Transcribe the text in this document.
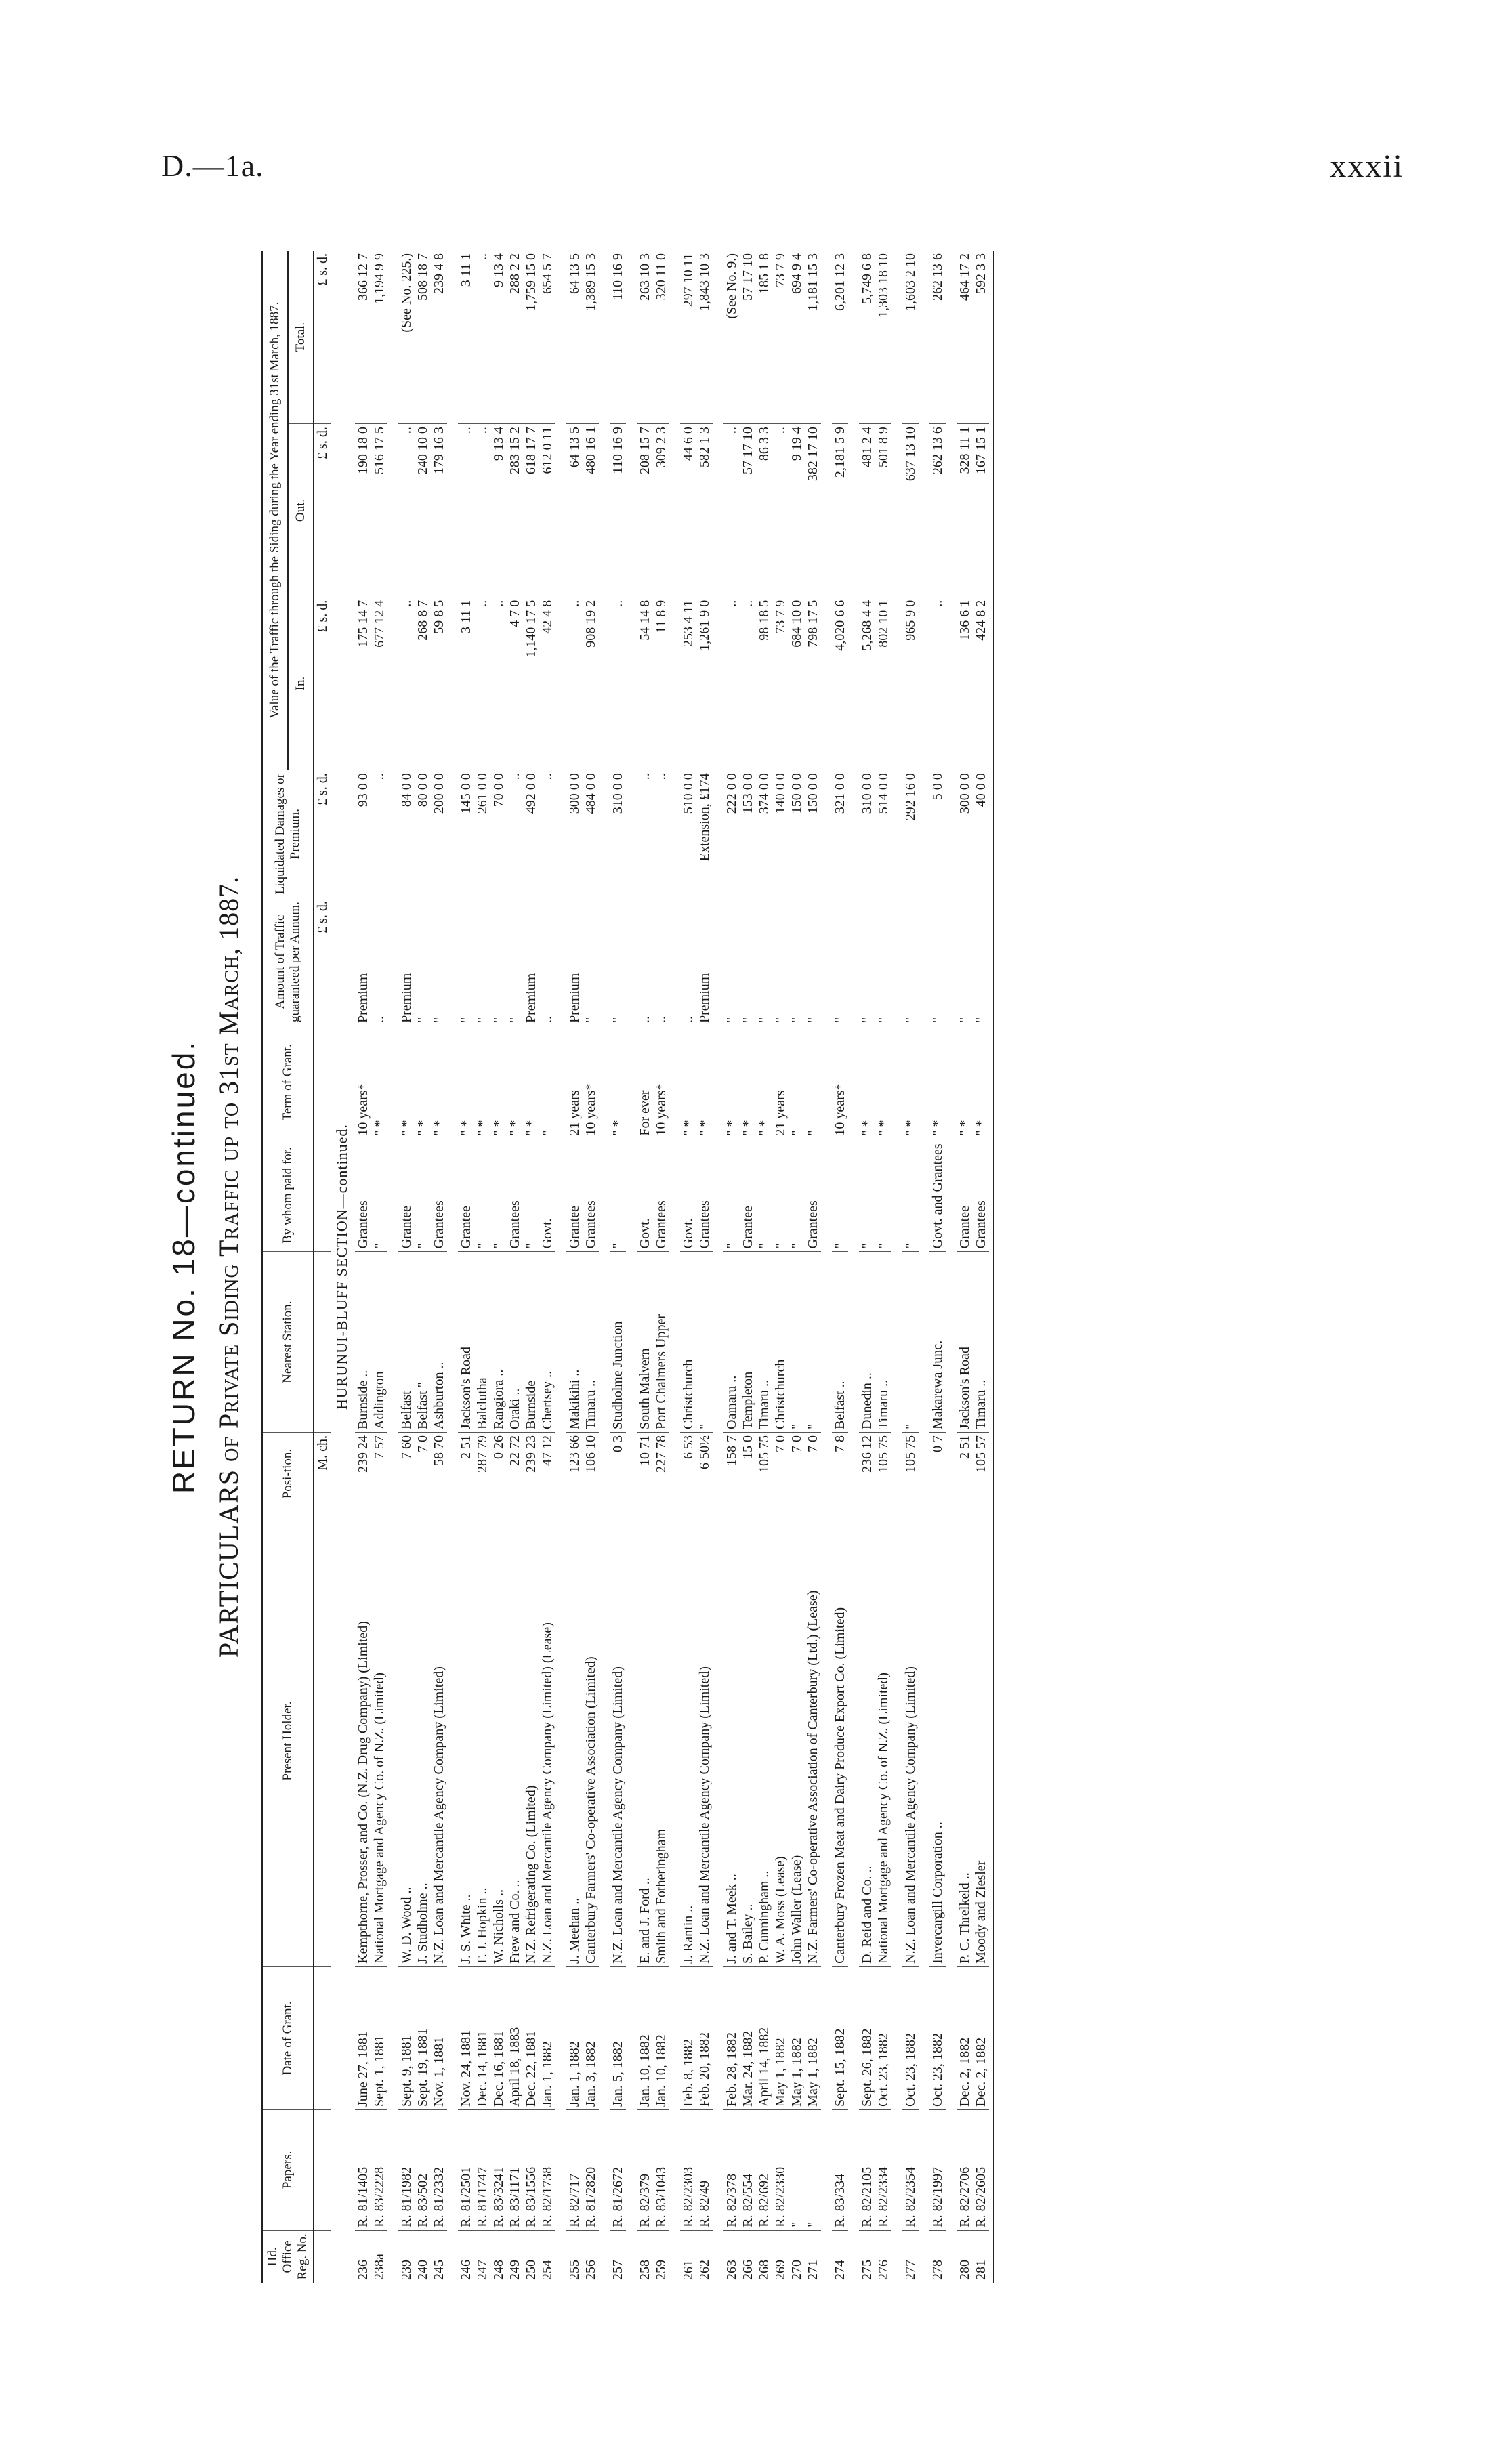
D.—1a.	xxxii
RETURN No. 18—continued. PARTICULARS of Private Siding Traffic up to 31st March, 1887.
Hd. Office Reg. No.	Papers.	Date of Grant.	Present Holder.	Posi-tion.	Nearest Station.	By whom paid for.	Term of Grant.	Amount of Traffic guaranteed per Annum.	Liquidated Damages or Premium.	Value of the Traffic through the Siding during the Year ending 31st March, 1887.		
										In.	Out.	Total.
				M. ch.				£ s. d.	£ s. d.	£ s. d.	£ s. d.	£ s. d.
HURUNUI-BLUFF SECTION—continued.												
236	R. 81/1405	June 27, 1881	Kempthorne, Prosser, and Co. (N.Z. Drug Company) (Limited)	239 24	Burnside ..	Grantees	10 years*	Premium	93 0 0	175 14 7	190 18 0	366 12 7
238a	R. 83/2228	Sept. 1, 1881	National Mortgage and Agency Co. of N.Z. (Limited)	7 57	Addington	"	" *	..	..	677 12 4	516 17 5	1,194 9 9

239	R. 81/1982	Sept. 9, 1881	W. D. Wood ..	7 60	Belfast	Grantee	" *	Premium	84 0 0	..	..	(See No. 225.)
240	R. 83/502	Sept. 19, 1881	J. Studholme ..	7 0	Belfast "	"	" *	"	80 0 0	268 8 7	240 10 0	508 18 7
245	R. 81/2332	Nov. 1, 1881	N.Z. Loan and Mercantile Agency Company (Limited)	58 70	Ashburton ..	Grantees	" *	"	200 0 0	59 8 5	179 16 3	239 4 8

246	R. 81/2501	Nov. 24, 1881	J. S. White ..	2 51	Jackson's Road	Grantee	" *	"	145 0 0	3 11 1	..	3 11 1
247	R. 81/1747	Dec. 14, 1881	F. J. Hopkin ..	287 79	Balclutha	"	" *	"	261 0 0	..	..	..
248	R. 83/3241	Dec. 16, 1881	W. Nicholls ..	0 26	Rangiora ..	"	" *	"	70 0 0	..	9 13 4	9 13 4
249	R. 83/1171	April 18, 1883	Frew and Co. ..	22 72	Oraki ..	Grantees	" *	"	..	4 7 0	283 15 2	288 2 2
250	R. 83/1556	Dec. 22, 1881	N.Z. Refrigerating Co. (Limited)	239 23	Burnside	"	" *	Premium	492 0 0	1,140 17 5	618 17 7	1,759 15 0
254	R. 82/1738	Jan. 1, 1882	N.Z. Loan and Mercantile Agency Company (Limited) (Lease)	47 12	Chertsey ..	Govt.	"	..	..	42 4 8	612 0 11	654 5 7

255	R. 82/717	Jan. 1, 1882	J. Meehan ..	123 66	Makikihi ..	Grantee	21 years	Premium	300 0 0	..	64 13 5	64 13 5
256	R. 81/2820	Jan. 3, 1882	Canterbury Farmers' Co-operative Association (Limited)	106 10	Timaru ..	Grantees	10 years*	"	484 0 0	908 19 2	480 16 1	1,389 15 3

257	R. 81/2672	Jan. 5, 1882	N.Z. Loan and Mercantile Agency Company (Limited)	0 3	Studholme Junction	"	" *	"	310 0 0	..	110 16 9	110 16 9

258	R. 82/379	Jan. 10, 1882	E. and J. Ford ..	10 71	South Malvern	Govt.	For ever	..	..	54 14 8	208 15 7	263 10 3
259	R. 83/1043	Jan. 10, 1882	Smith and Fotheringham	227 78	Port Chalmers Upper	Grantees	10 years*	..	..	11 8 9	309 2 3	320 11 0

261	R. 82/2303	Feb. 8, 1882	J. Rantin ..	6 53	Christchurch	Govt.	" *	..	510 0 0	253 4 11	44 6 0	297 10 11
262	R. 82/49	Feb. 20, 1882	N.Z. Loan and Mercantile Agency Company (Limited)	6 50½	"	Grantees	" *	Premium	Extension, £174	1,261 9 0	582 1 3	1,843 10 3

263	R. 82/378	Feb. 28, 1882	J. and T. Meek ..	158 7	Oamaru ..	"	" *	"	222 0 0	..	..	(See No. 9.)
266	R. 82/554	Mar. 24, 1882	S. Bailey ..	15 0	Templeton	Grantee	" *	"	153 0 0	..	57 17 10	57 17 10
268	R. 82/692	April 14, 1882	P. Cunningham ..	105 75	Timaru ..	"	" *	"	374 0 0	98 18 5	86 3 3	185 1 8
269	R. 82/2330	May 1, 1882	W. A. Moss (Lease)	7 0	Christchurch	"	21 years	"	140 0 0	73 7 9	..	73 7 9
270	"	May 1, 1882	John Waller (Lease)	7 0	"	"	"	"	150 0 0	684 10 0	9 19 4	694 9 4
271	"	May 1, 1882	N.Z. Farmers' Co-operative Association of Canterbury (Ltd.) (Lease)	7 0	"	Grantees	"	"	150 0 0	798 17 5	382 17 10	1,181 15 3

274	R. 83/334	Sept. 15, 1882	Canterbury Frozen Meat and Dairy Produce Export Co. (Limited)	7 8	Belfast ..	"	10 years*	"	321 0 0	4,020 6 6	2,181 5 9	6,201 12 3

275	R. 82/2105	Sept. 26, 1882	D. Reid and Co. ..	236 12	Dunedin ..	"	" *	"	310 0 0	5,268 4 4	481 2 4	5,749 6 8
276	R. 82/2334	Oct. 23, 1882	National Mortgage and Agency Co. of N.Z. (Limited)	105 75	Timaru ..	"	" *	"	514 0 0	802 10 1	501 8 9	1,303 18 10

277	R. 82/2354	Oct. 23, 1882	N.Z. Loan and Mercantile Agency Company (Limited)	105 75	"	"	" *	"	292 16 0	965 9 0	637 13 10	1,603 2 10

278	R. 82/1997	Oct. 23, 1882	Invercargill Corporation ..	0 7	Makarewa Junc.	Govt. and Grantees	" *	"	5 0 0	..	262 13 6	262 13 6

280	R. 82/2706	Dec. 2, 1882	P. C. Threlkeld ..	2 51	Jackson's Road	Grantee	" *	"	300 0 0	136 6 1	328 11 1	464 17 2
281	R. 82/2605	Dec. 2, 1882	Moody and Ziesler	105 57	Timaru ..	Grantees	" *	"	40 0 0	424 8 2	167 15 1	592 3 3
